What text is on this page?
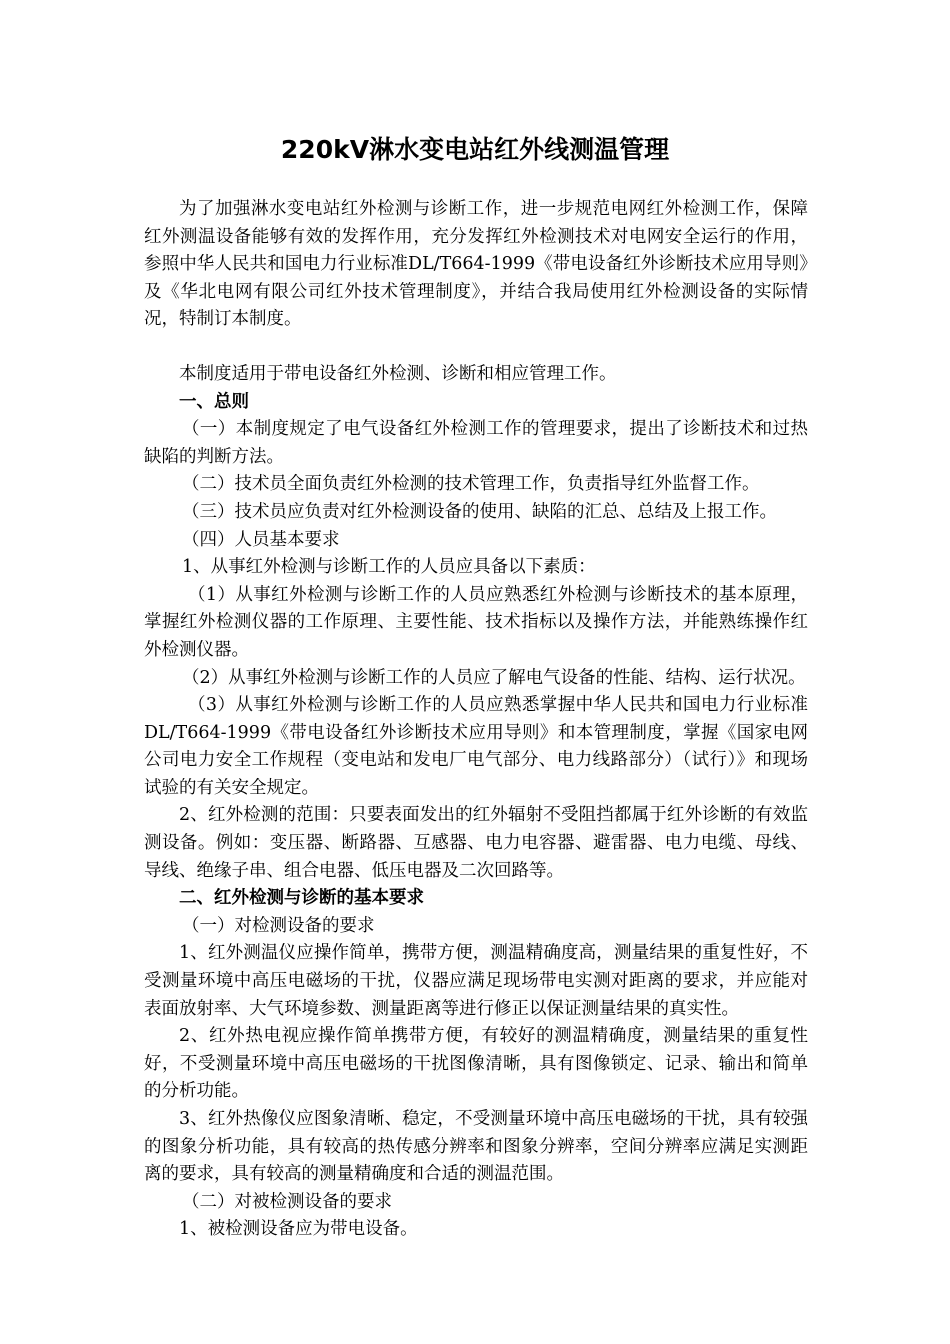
220kV淋水变电站红外线测温管理

为了加强淋水变电站红外检测与诊断工作，进一步规范电网红外检测工作，保障红外测温设备能够有效的发挥作用，充分发挥红外检测技术对电网安全运行的作用，参照中华人民共和国电力行业标准DL/T664-1999《带电设备红外诊断技术应用导则》及《华北电网有限公司红外技术管理制度》，并结合我局使用红外检测设备的实际情况，特制订本制度。

本制度适用于带电设备红外检测、诊断和相应管理工作。

一、总则

（一）本制度规定了电气设备红外检测工作的管理要求，提出了诊断技术和过热缺陷的判断方法。

（二）技术员全面负责红外检测的技术管理工作，负责指导红外监督工作。

（三）技术员应负责对红外检测设备的使用、缺陷的汇总、总结及上报工作。

（四）人员基本要求

1、从事红外检测与诊断工作的人员应具备以下素质：

（1）从事红外检测与诊断工作的人员应熟悉红外检测与诊断技术的基本原理，掌握红外检测仪器的工作原理、主要性能、技术指标以及操作方法，并能熟练操作红外检测仪器。

（2）从事红外检测与诊断工作的人员应了解电气设备的性能、结构、运行状况。

（3）从事红外检测与诊断工作的人员应熟悉掌握中华人民共和国电力行业标准DL/T664-1999《带电设备红外诊断技术应用导则》和本管理制度，掌握《国家电网公司电力安全工作规程（变电站和发电厂电气部分、电力线路部分）（试行）》和现场试验的有关安全规定。

2、红外检测的范围：只要表面发出的红外辐射不受阻挡都属于红外诊断的有效监测设备。例如：变压器、断路器、互感器、电力电容器、避雷器、电力电缆、母线、导线、绝缘子串、组合电器、低压电器及二次回路等。

二、红外检测与诊断的基本要求

（一）对检测设备的要求

1、红外测温仪应操作简单，携带方便，测温精确度高，测量结果的重复性好，不受测量环境中高压电磁场的干扰，仪器应满足现场带电实测对距离的要求，并应能对表面放射率、大气环境参数、测量距离等进行修正以保证测量结果的真实性。

2、红外热电视应操作简单携带方便，有较好的测温精确度，测量结果的重复性好，不受测量环境中高压电磁场的干扰图像清晰，具有图像锁定、记录、输出和简单的分析功能。

3、红外热像仪应图象清晰、稳定，不受测量环境中高压电磁场的干扰，具有较强的图象分析功能，具有较高的热传感分辨率和图象分辨率，空间分辨率应满足实测距离的要求，具有较高的测量精确度和合适的测温范围。

（二）对被检测设备的要求

1、被检测设备应为带电设备。
